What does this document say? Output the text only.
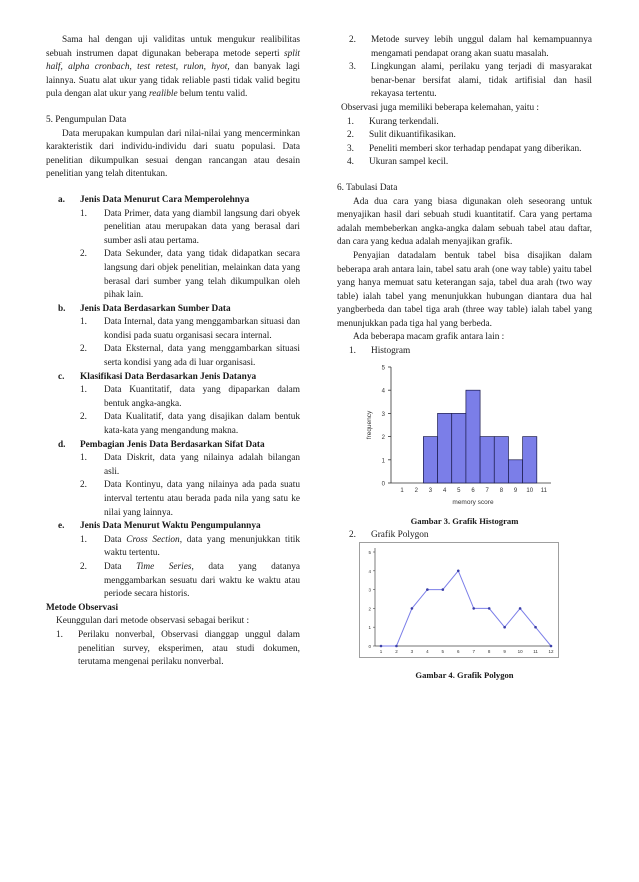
Sama hal dengan uji validitas untuk mengukur realibilitas sebuah instrumen dapat digunakan beberapa metode seperti split half, alpha cronbach, test retest, rulon, hyot, dan banyak lagi lainnya. Suatu alat ukur yang tidak reliable pasti tidak valid begitu pula dengan alat ukur yang realible belum tentu valid.

5. Pengumpulan Data

Data merupakan kumpulan dari nilai-nilai yang mencerminkan karakteristik dari individu-individu dari suatu populasi. Data penelitian dikumpulkan sesuai dengan rancangan atau desain penelitian yang telah ditentukan.

a.	Jenis Data Menurut Cara Memperolehnya
1.	Data Primer, data yang diambil langsung dari obyek penelitian atau merupakan data yang berasal dari sumber asli atau pertama.
2.	Data Sekunder, data yang tidak didapatkan secara langsung dari objek penelitian, melainkan data yang berasal dari sumber yang telah dikumpulkan oleh pihak lain.
b.	Jenis Data Berdasarkan Sumber Data
1.	Data Internal, data yang menggambarkan situasi dan kondisi pada suatu organisasi secara internal.
2.	Data Eksternal, data yang menggambarkan situasi serta kondisi yang ada di luar organisasi.
c.	Klasifikasi Data Berdasarkan Jenis Datanya
1.	Data Kuantitatif, data yang dipaparkan dalam bentuk angka-angka.
2.	Data Kualitatif, data yang disajikan dalam bentuk kata-kata yang mengandung makna.
d.	Pembagian Jenis Data Berdasarkan Sifat Data
1.	Data Diskrit, data yang nilainya adalah bilangan asli.
2.	Data Kontinyu, data yang nilainya ada pada suatu interval tertentu atau berada pada nila yang satu ke nilai yang lainnya.
e.	Jenis Data Menurut Waktu Pengumpulannya
1.	Data Cross Section, data yang menunjukkan titik waktu tertentu.
2.	Data Time Series, data yang datanya menggambarkan sesuatu dari waktu ke waktu atau periode secara historis.

Metode Observasi

Keunggulan dari metode observasi sebagai berikut :

1.	Perilaku nonverbal, Observasi dianggap unggul dalam penelitian survey, eksperimen, atau studi dokumen, terutama mengenai perilaku nonverbal.
2.	Metode survey lebih unggul dalam hal kemampuannya mengamati pendapat orang akan suatu masalah.
3.	Lingkungan alami, perilaku yang terjadi di masyarakat benar-benar bersifat alami, tidak artifisial dan hasil rekayasa tertentu.

Observasi juga memiliki beberapa kelemahan, yaitu :

1.	Kurang terkendali.
2.	Sulit dikuantifikasikan.
3.	Peneliti memberi skor terhadap pendapat yang diberikan.
4.	Ukuran sampel kecil.

6. Tabulasi Data

Ada dua cara yang biasa digunakan oleh seseorang untuk menyajikan hasil dari sebuah studi kuantitatif. Cara yang pertama adalah membeberkan angka-angka dalam sebuah tabel atau daftar, dan cara yang kedua adalah menyajikan grafik.

Penyajian datadalam bentuk tabel bisa disajikan dalam beberapa arah antara lain, tabel satu arah (one way table) yaitu tabel yang hanya memuat satu keterangan saja, tabel dua arah (two way table) ialah tabel yang menunjukkan hubungan diantara dua hal yangberbeda dan tabel tiga arah (three way table) ialah tabel yang menunjukkan pada tiga hal yang berbeda.

Ada beberapa macam grafik antara lain :

1.	Histogram
0
1
2
3
4
5
1 2 3 4 5 6 7 8 9 10 11
frequency
memory score

Gambar 3. Grafik Histogram

2.	Grafik Polygon
0
1
2
3
4
5
1	2	3	4	5	6	7	8	9	10 11 12

Gambar 4. Grafik Polygon
